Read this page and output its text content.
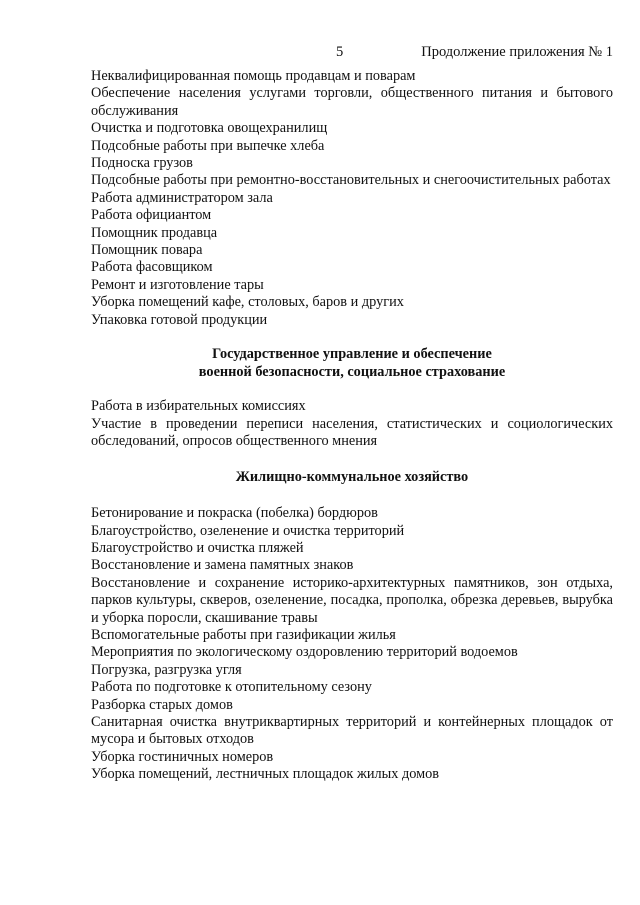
5	Продолжение приложения № 1

Неквалифицированная помощь продавцам и поварам

Обеспечение населения услугами торговли, общественного питания и бытового обслуживания

Очистка и подготовка овощехранилищ

Подсобные работы при выпечке хлеба

Подноска грузов

Подсобные работы при ремонтно-восстановительных и снегоочистительных работах

Работа администратором зала

Работа официантом

Помощник продавца

Помощник повара

Работа фасовщиком

Ремонт и изготовление тары

Уборка помещений кафе, столовых, баров и других

Упаковка готовой продукции

Государственное управление и обеспечение

военной безопасности, социальное страхование

Работа в избирательных комиссиях

Участие в проведении переписи населения, статистических и социологических обследований, опросов общественного мнения

Жилищно-коммунальное хозяйство

Бетонирование и покраска (побелка) бордюров

Благоустройство, озеленение и очистка территорий

Благоустройство и очистка пляжей

Восстановление и замена памятных знаков

Восстановление и сохранение историко-архитектурных памятников, зон отдыха, парков культуры, скверов, озеленение, посадка, прополка, обрезка деревьев, вырубка и уборка поросли, скашивание травы

Вспомогательные работы при газификации жилья

Мероприятия по экологическому оздоровлению территорий водоемов

Погрузка, разгрузка угля

Работа по подготовке к отопительному сезону

Разборка старых домов

Санитарная очистка внутриквартирных территорий и контейнерных площадок от мусора и бытовых отходов

Уборка гостиничных номеров

Уборка помещений, лестничных площадок жилых домов
